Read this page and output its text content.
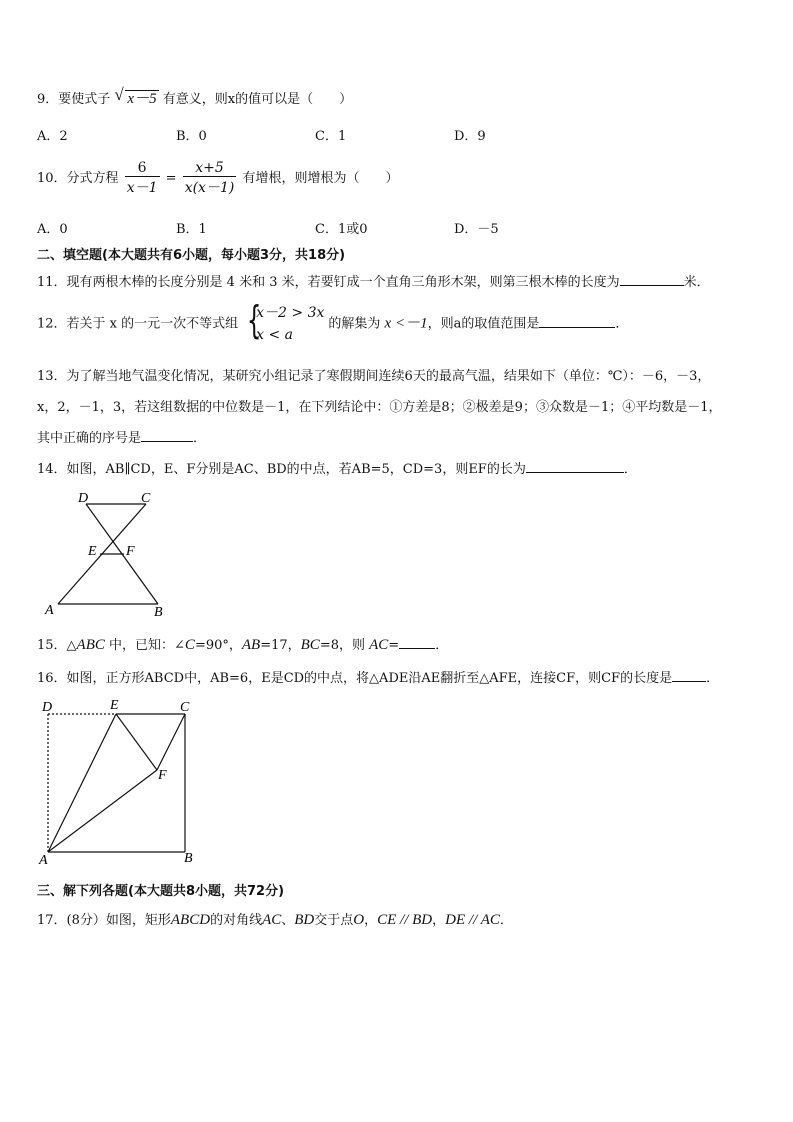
9．要使式子 √ x－5 有意义，则x的值可以是（　　）
A．2	B．0	C．1	D．9
10．分式方程 $\frac{6}{x-1} = \frac{x+5}{x(x-1)}$ 有增根，则增根为（　　）
A．0	B．1	C．1或0	D．－5
二、填空题(本大题共有6小题，每小题3分，共18分)
11．现有两根木棒的长度分别是 4 米和 3 米，若要钉成一个直角三角形木架，则第三根木棒的长度为	米．
12．若关于 x 的一元一次不等式组 {
x－2 > 3x
x < a
的解集为 x <－1，则a的取值范围是	．
13．为了解当地气温变化情况，某研究小组记录了寒假期间连续6天的最高气温，结果如下（单位：℃）：－6，－3，
x，2，－1，3，若这组数据的中位数是－1，在下列结论中：①方差是8；②极差是9；③众数是－1；④平均数是－1，
其中正确的序号是	．
14．如图，AB∥CD，E、F分别是AC、BD的中点，若AB=5，CD=3，则EF的长为	．
D	C
E F
A	B
15．△ABC 中，已知：∠C=90°，AB=17，BC=8，则 AC=	．
16．如图，正方形ABCD中，AB=6，E是CD的中点，将△ADE沿AE翻折至△AFE，连接CF，则CF的长度是	．
D	E	C
F
A	B
三、解下列各题(本大题共8小题，共72分)
17．(8分）如图，矩形ABCD的对角线AC、BD交于点O，CE // BD，DE // AC．
